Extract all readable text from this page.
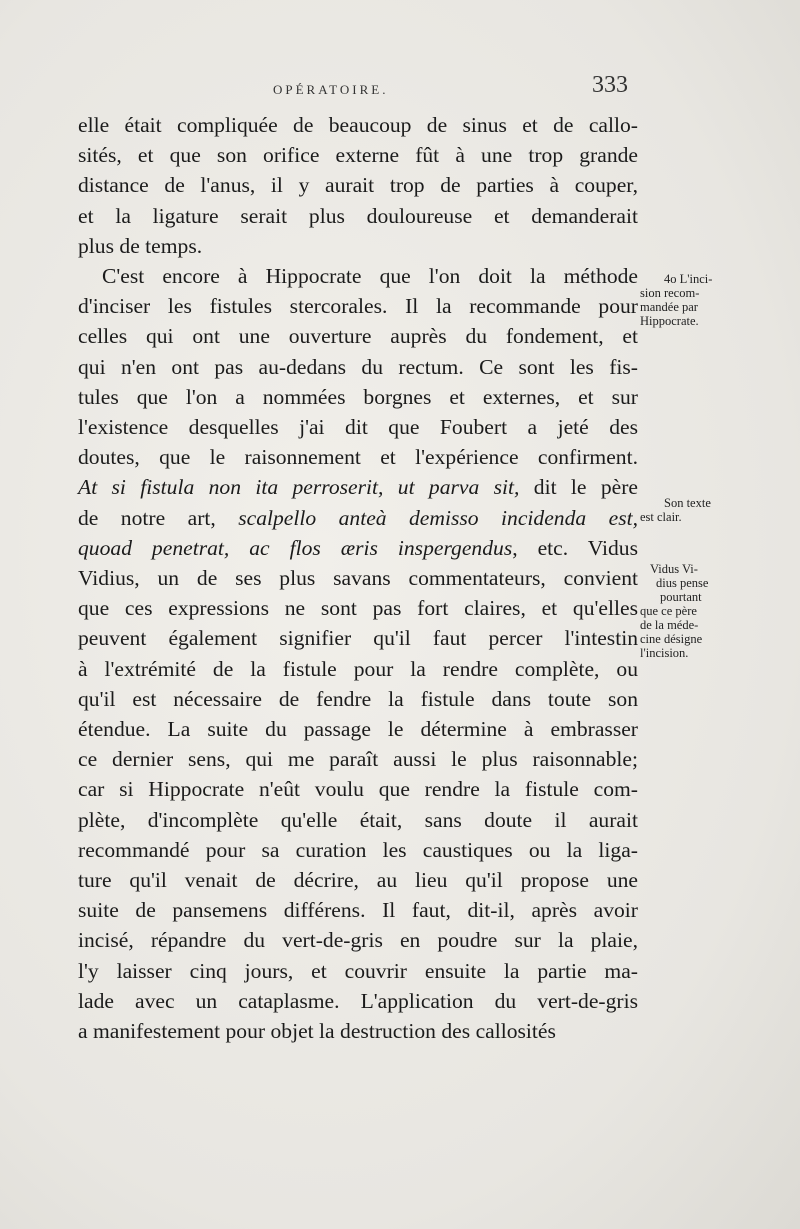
OPÉRATOIRE.	333

elle était compliquée de beaucoup de sinus et de callo-
sités, et que son orifice externe fût à une trop grande
distance de l'anus, il y aurait trop de parties à couper,
et la ligature serait plus douloureuse et demanderait
plus de temps.

C'est encore à Hippocrate que l'on doit la méthode
d'inciser les fistules stercorales. Il la recommande pour
celles qui ont une ouverture auprès du fondement, et
qui n'en ont pas au-dedans du rectum. Ce sont les fis-
tules que l'on a nommées borgnes et externes, et sur
l'existence desquelles j'ai dit que Foubert a jeté des
doutes, que le raisonnement et l'expérience confirment.
At si fistula non ita perroserit, ut parva sit, dit le père
de notre art, scalpello anteà demisso incidenda est,
quoad penetrat, ac flos æris inspergendus, etc. Vidus
Vidius, un de ses plus savans commentateurs, convient
que ces expressions ne sont pas fort claires, et qu'elles
peuvent également signifier qu'il faut percer l'intestin
à l'extrémité de la fistule pour la rendre complète, ou
qu'il est nécessaire de fendre la fistule dans toute son
étendue. La suite du passage le détermine à embrasser
ce dernier sens, qui me paraît aussi le plus raisonnable;
car si Hippocrate n'eût voulu que rendre la fistule com-
plète, d'incomplète qu'elle était, sans doute il aurait
recommandé pour sa curation les caustiques ou la liga-
ture qu'il venait de décrire, au lieu qu'il propose une
suite de pansemens différens. Il faut, dit-il, après avoir
incisé, répandre du vert-de-gris en poudre sur la plaie,
l'y laisser cinq jours, et couvrir ensuite la partie ma-
lade avec un cataplasme. L'application du vert-de-gris
a manifestement pour objet la destruction des callosités

4o L'inci-
sion recom-
mandée par
Hippocrate.
Son texte
est clair.
Vidus Vi-
dius pense
pourtant
que ce père
de la méde-
cine désigne
l'incision.
